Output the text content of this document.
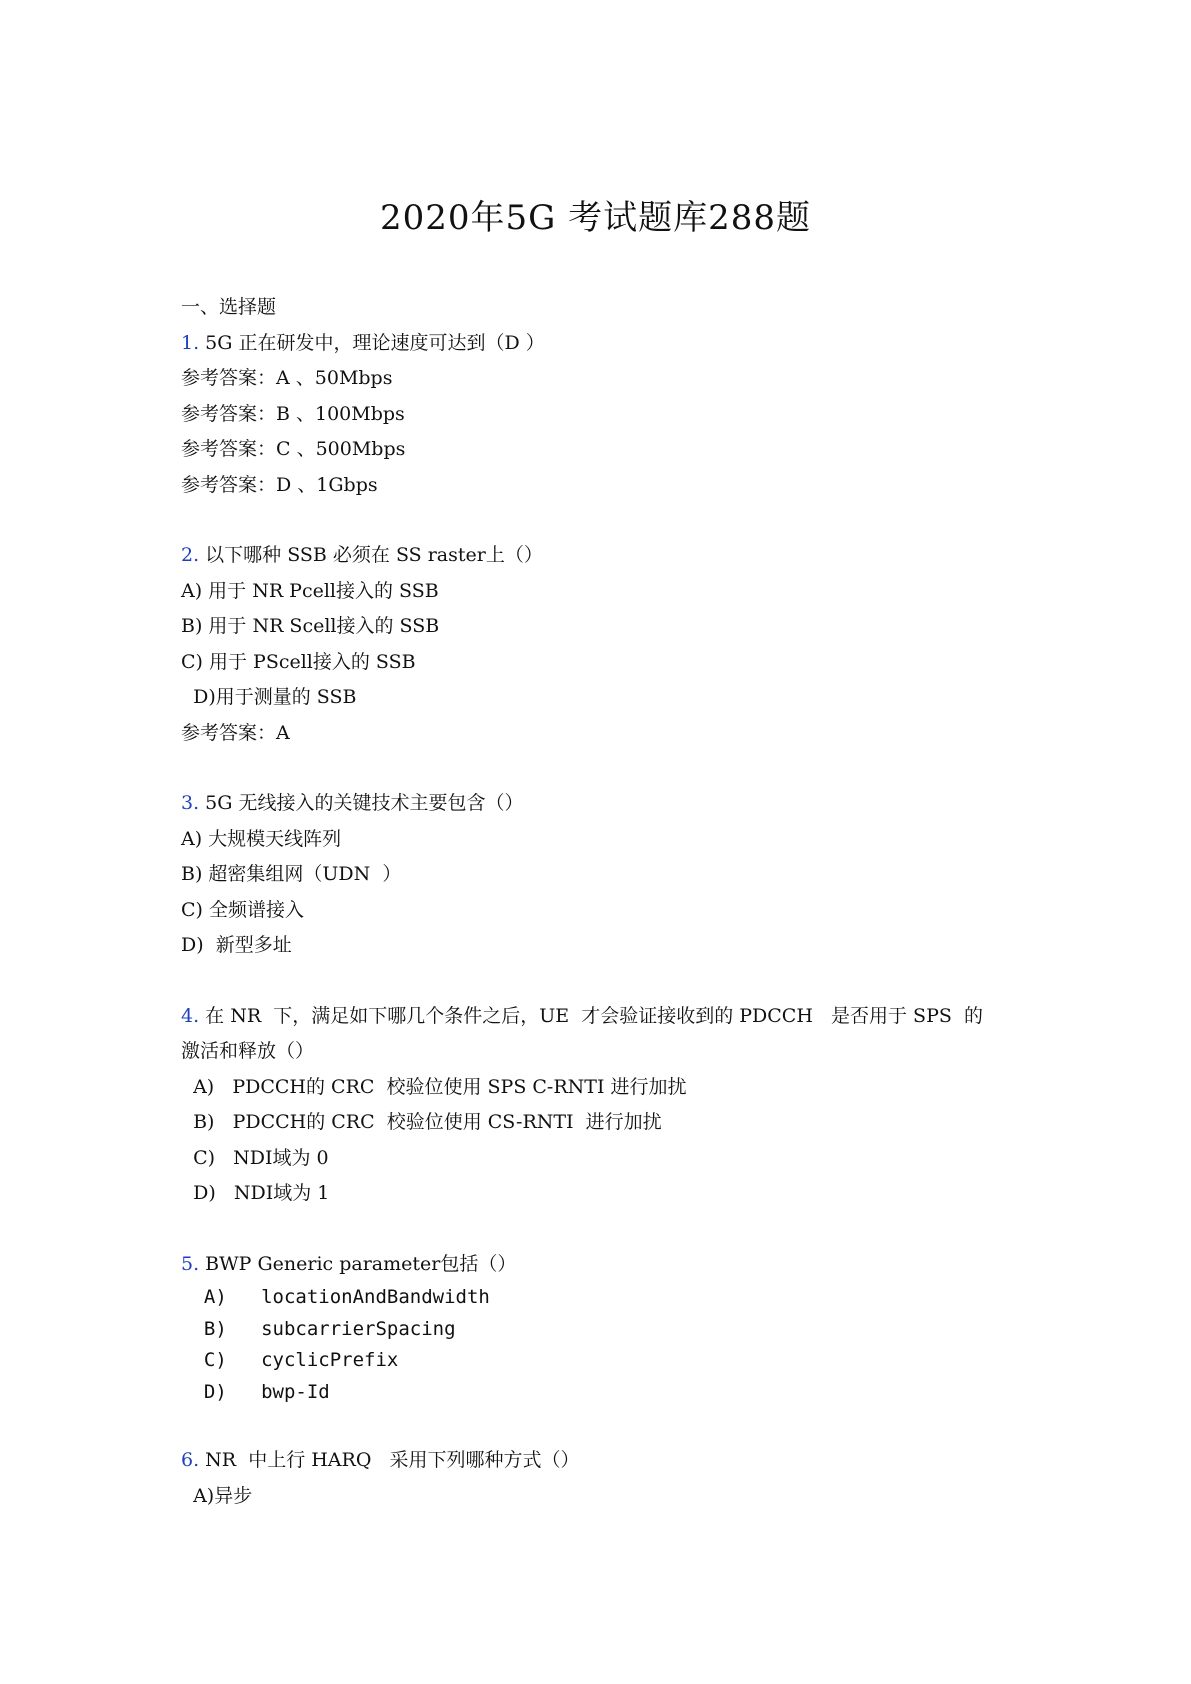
2020年5G 考试题库288题
一、选择题
1. 5G 正在研发中，理论速度可达到（D ）
参考答案：A 、50Mbps
参考答案：B 、100Mbps
参考答案：C 、500Mbps
参考答案：D 、1Gbps
2. 以下哪种 SSB 必须在 SS raster上（）
A) 用于 NR Pcell接入的 SSB
B) 用于 NR Scell接入的 SSB
C) 用于 PScell接入的 SSB
D)用于测量的 SSB
参考答案：A
3. 5G 无线接入的关键技术主要包含（）
A) 大规模天线阵列
B) 超密集组网（UDN  ）
C) 全频谱接入
D)  新型多址
4. 在 NR  下，满足如下哪几个条件之后，UE  才会验证接收到的 PDCCH   是否用于 SPS  的
激活和释放（）
A)   PDCCH的 CRC  校验位使用 SPS C-RNTI 进行加扰
B)   PDCCH的 CRC  校验位使用 CS-RNTI  进行加扰
C)   NDI域为 0
D)   NDI域为 1
5. BWP Generic parameter包括（）
A)   locationAndBandwidth
B)   subcarrierSpacing
C)   cyclicPrefix
D)   bwp-Id
6. NR  中上行 HARQ   采用下列哪种方式（）
A)异步
